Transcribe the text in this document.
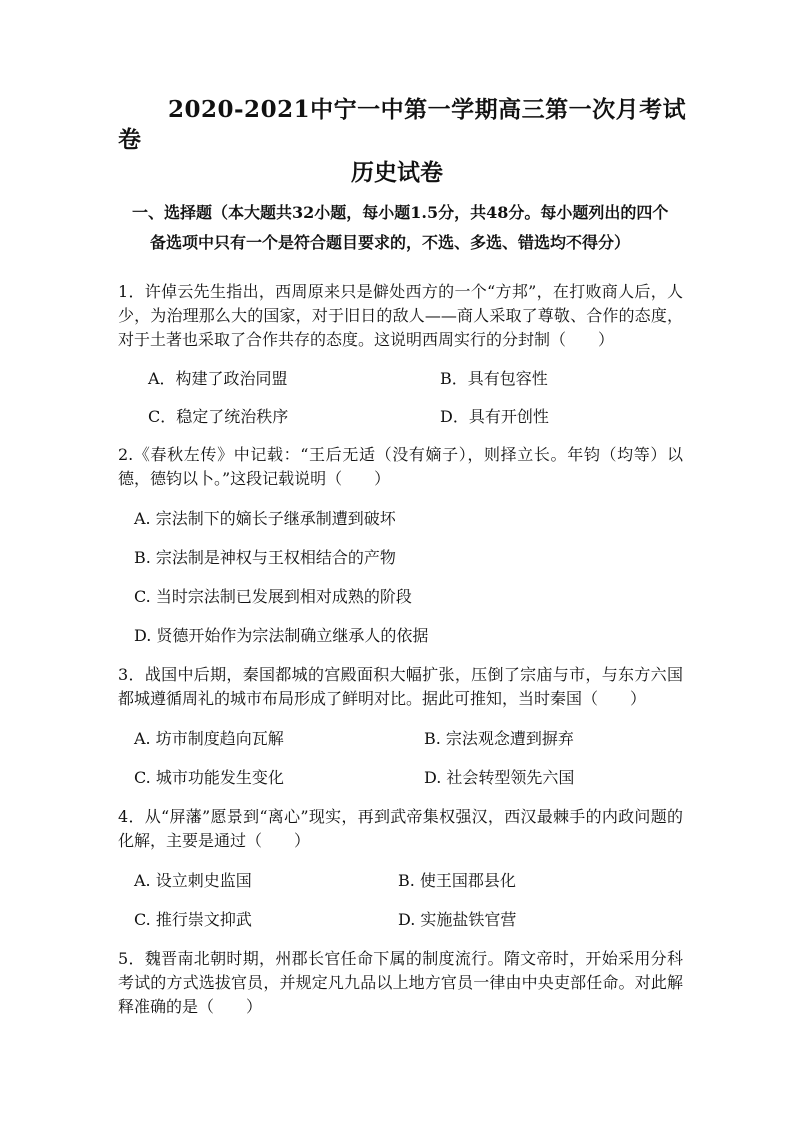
2020-2021中宁一中第一学期高三第一次月考试
卷
历史试卷
一、选择题（本大题共32小题，每小题1.5分，共48分。每小题列出的四个
备选项中只有一个是符合题目要求的，不选、多选、错选均不得分）
1．许倬云先生指出，西周原来只是僻处西方的一个“方邦”，在打败商人后，人少，为治理那么大的国家，对于旧日的敌人——商人采取了尊敬、合作的态度，对于土著也采取了合作共存的态度。这说明西周实行的分封制（　　）
A．构建了政治同盟	B．具有包容性
C．稳定了统治秩序	D．具有开创性
2.《春秋左传》中记载：“王后无适（没有嫡子），则择立长。年钧（均等）以德，德钧以卜。”这段记载说明（　　）
A. 宗法制下的嫡长子继承制遭到破坏
B. 宗法制是神权与王权相结合的产物
C. 当时宗法制已发展到相对成熟的阶段
D. 贤德开始作为宗法制确立继承人的依据
3．战国中后期，秦国都城的宫殿面积大幅扩张，压倒了宗庙与市，与东方六国都城遵循周礼的城市布局形成了鲜明对比。据此可推知，当时秦国（　　）
A. 坊市制度趋向瓦解	B. 宗法观念遭到摒弃
C. 城市功能发生变化	D. 社会转型领先六国
4．从“屏藩”愿景到“离心”现实，再到武帝集权强汉，西汉最棘手的内政问题的化解，主要是通过（　　）
A. 设立刺史监国	B. 使王国郡县化
C. 推行崇文抑武	D. 实施盐铁官营
5．魏晋南北朝时期，州郡长官任命下属的制度流行。隋文帝时，开始采用分科考试的方式选拔官员，并规定凡九品以上地方官员一律由中央吏部任命。对此解释准确的是（　　）
